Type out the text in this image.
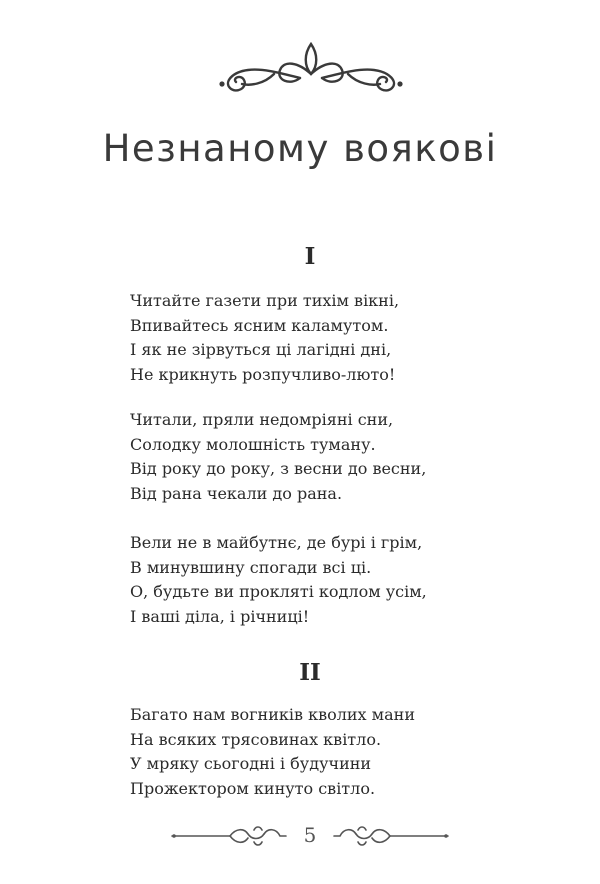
Незнаному воякові
I
Читайте газети при тихім вікні,
Впивайтесь ясним каламутом.
І як не зірвуться ці лагідні дні,
Не крикнуть розпучливо-люто!
Читали, пряли недомріяні сни,
Солодку молошність туману.
Від року до року, з весни до весни,
Від рана чекали до рана.
Вели не в майбутнє, де бурі і грім,
В минувшину спогади всі ці.
О, будьте ви прокляті кодлом усім,
І ваші діла, і річниці!
II
Багато нам вогників кволих мани
На всяких трясовинах квітло.
У мряку сьогодні і будучини
Прожектором кинуто світло.
5
